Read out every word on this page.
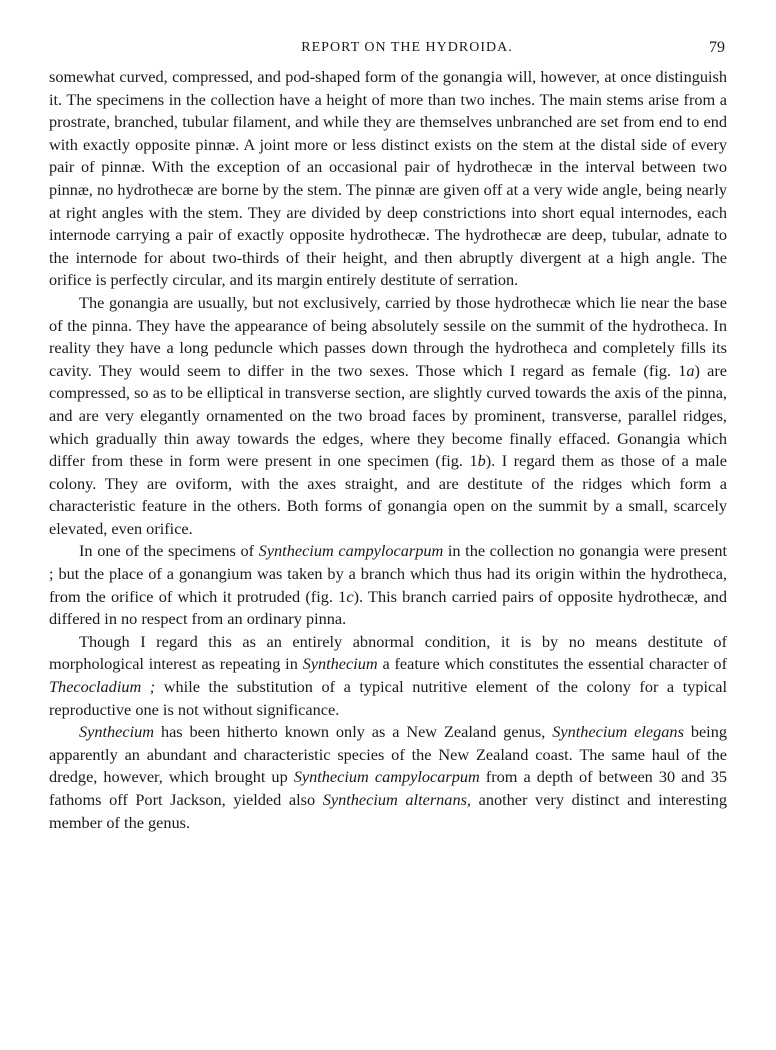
REPORT ON THE HYDROIDA.	79

somewhat curved, compressed, and pod-shaped form of the gonangia will, however, at once distinguish it. The specimens in the collection have a height of more than two inches. The main stems arise from a prostrate, branched, tubular filament, and while they are themselves unbranched are set from end to end with exactly opposite pinnæ. A joint more or less distinct exists on the stem at the distal side of every pair of pinnæ. With the exception of an occasional pair of hydrothecæ in the interval between two pinnæ, no hydrothecæ are borne by the stem. The pinnæ are given off at a very wide angle, being nearly at right angles with the stem. They are divided by deep constrictions into short equal internodes, each internode carrying a pair of exactly opposite hydrothecæ. The hydrothecæ are deep, tubular, adnate to the internode for about two-thirds of their height, and then abruptly divergent at a high angle. The orifice is perfectly circular, and its margin entirely destitute of serration.

The gonangia are usually, but not exclusively, carried by those hydrothecæ which lie near the base of the pinna. They have the appearance of being absolutely sessile on the summit of the hydrotheca. In reality they have a long peduncle which passes down through the hydrotheca and completely fills its cavity. They would seem to differ in the two sexes. Those which I regard as female (fig. 1a) are compressed, so as to be elliptical in transverse section, are slightly curved towards the axis of the pinna, and are very elegantly ornamented on the two broad faces by prominent, transverse, parallel ridges, which gradually thin away towards the edges, where they become finally effaced. Gonangia which differ from these in form were present in one specimen (fig. 1b). I regard them as those of a male colony. They are oviform, with the axes straight, and are destitute of the ridges which form a characteristic feature in the others. Both forms of gonangia open on the summit by a small, scarcely elevated, even orifice.

In one of the specimens of Synthecium campylocarpum in the collection no gonangia were present ; but the place of a gonangium was taken by a branch which thus had its origin within the hydrotheca, from the orifice of which it protruded (fig. 1c). This branch carried pairs of opposite hydrothecæ, and differed in no respect from an ordinary pinna.

Though I regard this as an entirely abnormal condition, it is by no means destitute of morphological interest as repeating in Synthecium a feature which constitutes the essential character of Thecocladium ; while the substitution of a typical nutritive element of the colony for a typical reproductive one is not without significance.

Synthecium has been hitherto known only as a New Zealand genus, Synthecium elegans being apparently an abundant and characteristic species of the New Zealand coast. The same haul of the dredge, however, which brought up Synthecium campylocarpum from a depth of between 30 and 35 fathoms off Port Jackson, yielded also Synthecium alternans, another very distinct and interesting member of the genus.
